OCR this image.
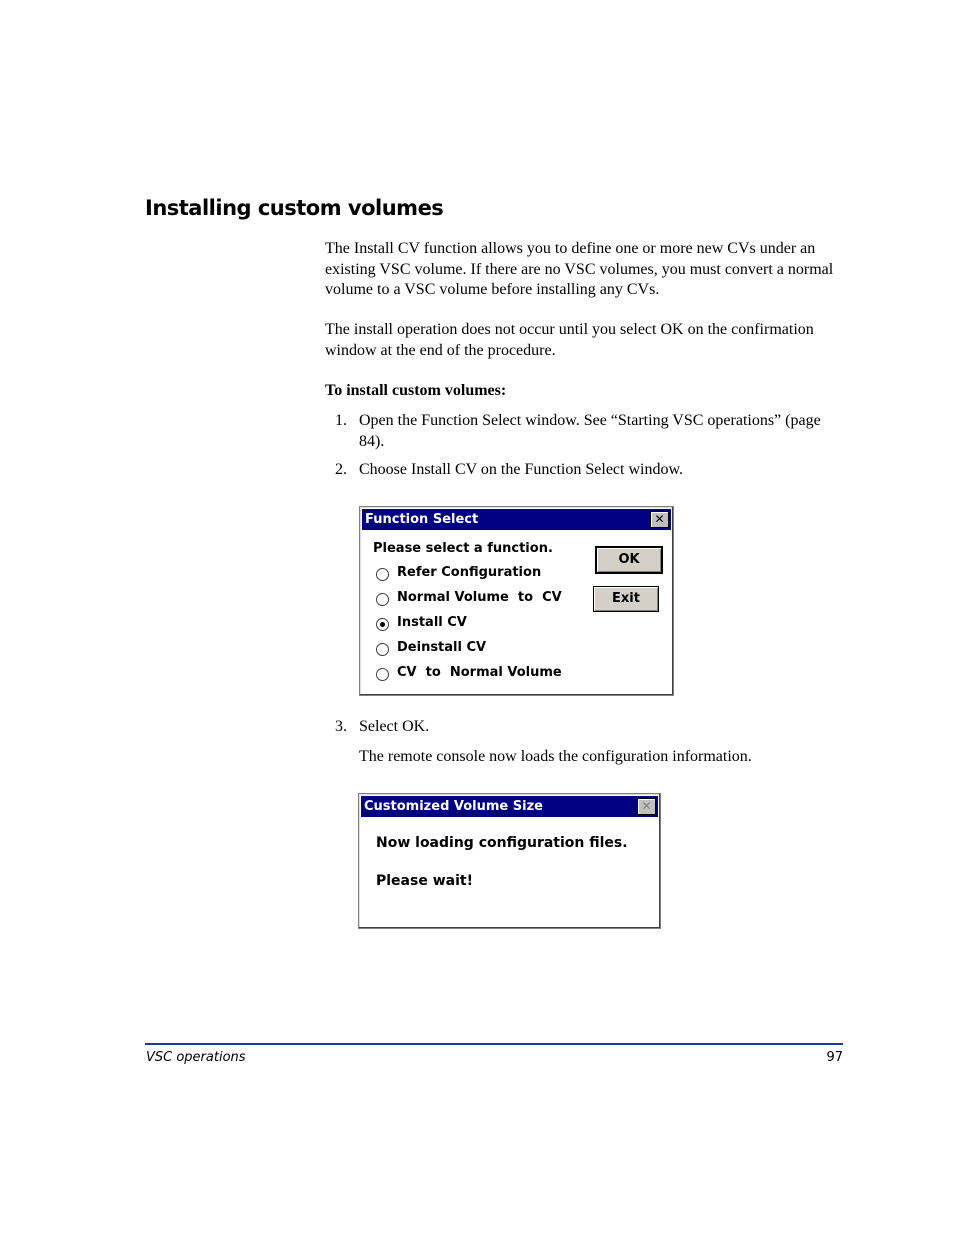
Installing custom volumes

The Install CV function allows you to define one or more new CVs under an existing VSC volume. If there are no VSC volumes, you must convert a normal volume to a VSC volume before installing any CVs.

The install operation does not occur until you select OK on the confirmation window at the end of the procedure.

To install custom volumes:

1. Open the Function Select window. See “Starting VSC operations” (page 84).
2. Choose Install CV on the Function Select window.
Function Select	✕
Please select a function.

Refer Configuration

Normal Volume  to  CV

Install CV

Deinstall CV

CV  to  Normal Volume

OK
Exit
3. Select OK.

The remote console now loads the configuration information.

Customized Volume Size	✕
Now loading configuration files.
Please wait!
VSC operations	97
